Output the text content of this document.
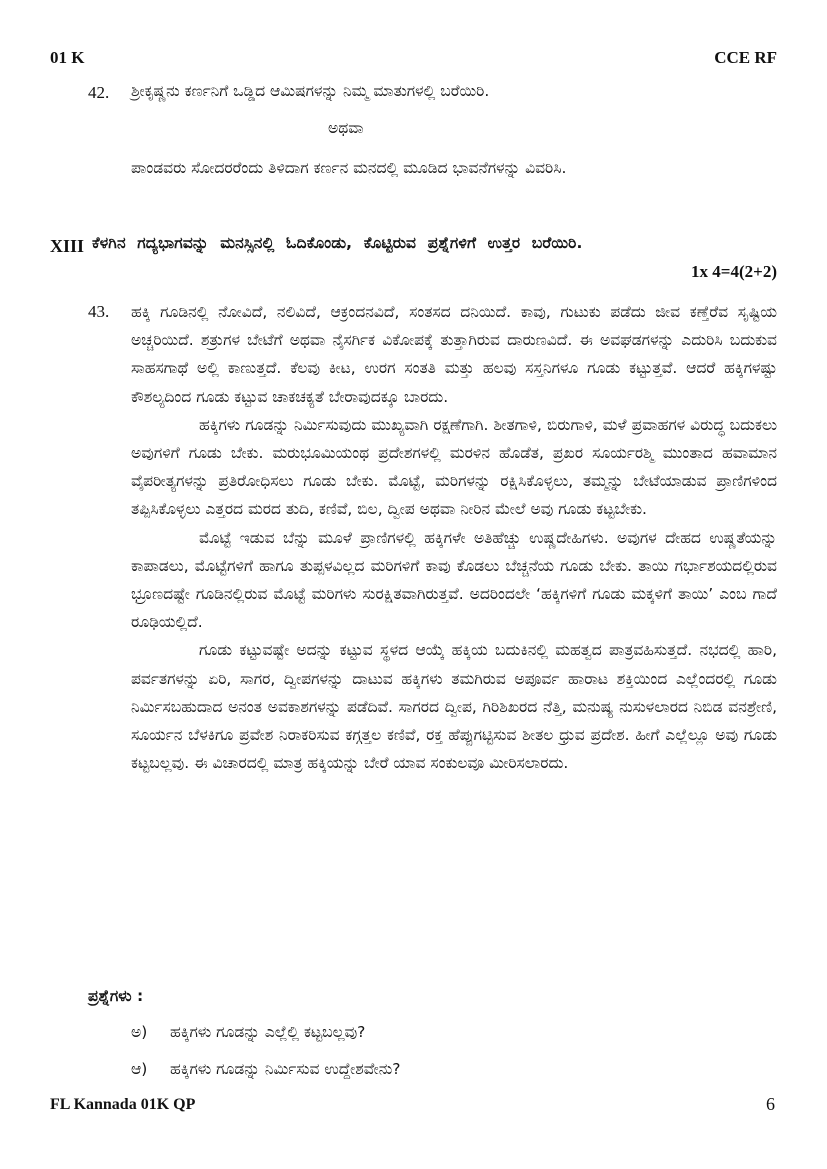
01 K	CCE RF
42. ಶ್ರೀಕೃಷ್ಣನು ಕರ್ಣನಿಗೆ ಒಡ್ಡಿದ ಆಮಿಷಗಳನ್ನು ನಿಮ್ಮ ಮಾತುಗಳಲ್ಲಿ ಬರೆಯಿರಿ.
ಅಥವಾ
ಪಾಂಡವರು ಸೋದರರೆಂದು ತಿಳಿದಾಗ ಕರ್ಣನ ಮನದಲ್ಲಿ ಮೂಡಿದ ಭಾವನೆಗಳನ್ನು ವಿವರಿಸಿ.
XIII ಕೆಳಗಿನ ಗದ್ಯಭಾಗವನ್ನು ಮನಸ್ಸಿನಲ್ಲಿ ಓದಿಕೊಂಡು, ಕೊಟ್ಟಿರುವ ಪ್ರಶ್ನೆಗಳಿಗೆ ಉತ್ತರ ಬರೆಯಿರಿ.
1x 4=4(2+2)
43. ಹಕ್ಕಿ ಗೂಡಿನಲ್ಲಿ ನೋವಿದೆ, ನಲಿವಿದೆ, ಆಕ್ರಂದನವಿದೆ, ಸಂತಸದ ದನಿಯಿದೆ. ಕಾವು, ಗುಟುಕು ಪಡೆದು ಜೀವ ಕಣ್ತೆರೆವ ಸೃಷ್ಟಿಯ ಅಚ್ಚರಿಯಿದೆ. ಶತ್ರುಗಳ ಬೇಟೆಗೆ ಅಥವಾ ನೈಸರ್ಗಿಕ ವಿಕೋಪಕ್ಕೆ ತುತ್ತಾಗಿರುವ ದಾರುಣವಿದೆ. ಈ ಅವಘಡಗಳನ್ನು ಎದುರಿಸಿ ಬದುಕುವ ಸಾಹಸಗಾಥೆ ಅಲ್ಲಿ ಕಾಣುತ್ತದೆ. ಕೆಲವು ಕೀಟ, ಉರಗ ಸಂತತಿ ಮತ್ತು ಹಲವು ಸಸ್ತನಿಗಳೂ ಗೂಡು ಕಟ್ಟುತ್ತವೆ. ಆದರೆ ಹಕ್ಕಿಗಳಷ್ಟು ಕೌಶಲ್ಯದಿಂದ ಗೂಡು ಕಟ್ಟುವ ಚಾಕಚಕ್ಯತೆ ಬೇರಾವುದಕ್ಕೂ ಬಾರದು.

ಹಕ್ಕಿಗಳು ಗೂಡನ್ನು ನಿರ್ಮಿಸುವುದು ಮುಖ್ಯವಾಗಿ ರಕ್ಷಣೆಗಾಗಿ. ಶೀತಗಾಳಿ, ಬಿರುಗಾಳಿ, ಮಳೆ ಪ್ರವಾಹಗಳ ವಿರುದ್ಧ ಬದುಕಲು ಅವುಗಳಿಗೆ ಗೂಡು ಬೇಕು. ಮರುಭೂಮಿಯಂಥ ಪ್ರದೇಶಗಳಲ್ಲಿ ಮರಳಿನ ಹೊಡೆತ, ಪ್ರಖರ ಸೂರ್ಯರಶ್ಮಿ ಮುಂತಾದ ಹವಾಮಾನ ವೈಪರೀತ್ಯಗಳನ್ನು ಪ್ರತಿರೋಧಿಸಲು ಗೂಡು ಬೇಕು. ಮೊಟ್ಟೆ, ಮರಿಗಳನ್ನು ರಕ್ಷಿಸಿಕೊಳ್ಳಲು, ತಮ್ಮನ್ನು ಬೇಟೆಯಾಡುವ ಪ್ರಾಣಿಗಳಿಂದ ತಪ್ಪಿಸಿಕೊಳ್ಳಲು ಎತ್ತರದ ಮರದ ತುದಿ, ಕಣಿವೆ, ಬಿಲ, ದ್ವೀಪ ಅಥವಾ ನೀರಿನ ಮೇಲೆ ಅವು ಗೂಡು ಕಟ್ಟಬೇಕು.

ಮೊಟ್ಟೆ ಇಡುವ ಬೆನ್ನು ಮೂಳೆ ಪ್ರಾಣಿಗಳಲ್ಲಿ ಹಕ್ಕಿಗಳೇ ಅತಿಹೆಚ್ಚು ಉಷ್ಣದೇಹಿಗಳು. ಅವುಗಳ ದೇಹದ ಉಷ್ಣತೆಯನ್ನು ಕಾಪಾಡಲು, ಮೊಟ್ಟೆಗಳಿಗೆ ಹಾಗೂ ತುಪ್ಪಳವಿಲ್ಲದ ಮರಿಗಳಿಗೆ ಕಾವು ಕೊಡಲು ಬೆಚ್ಚನೆಯ ಗೂಡು ಬೇಕು. ತಾಯಿ ಗರ್ಭಾಶಯದಲ್ಲಿರುವ ಭ್ರೂಣದಷ್ಟೇ ಗೂಡಿನಲ್ಲಿರುವ ಮೊಟ್ಟೆ ಮರಿಗಳು ಸುರಕ್ಷಿತವಾಗಿರುತ್ತವೆ. ಅದರಿಂದಲೇ ‘ಹಕ್ಕಿಗಳಿಗೆ ಗೂಡು ಮಕ್ಕಳಿಗೆ ತಾಯಿ’ ಎಂಬ ಗಾದೆ ರೂಢಿಯಲ್ಲಿದೆ.

ಗೂಡು ಕಟ್ಟುವಷ್ಟೇ ಅದನ್ನು ಕಟ್ಟುವ ಸ್ಥಳದ ಆಯ್ಕೆ ಹಕ್ಕಿಯ ಬದುಕಿನಲ್ಲಿ ಮಹತ್ವದ ಪಾತ್ರವಹಿಸುತ್ತದೆ. ನಭದಲ್ಲಿ ಹಾರಿ, ಪರ್ವತಗಳನ್ನು ಏರಿ, ಸಾಗರ, ದ್ವೀಪಗಳನ್ನು ದಾಟುವ ಹಕ್ಕಿಗಳು ತಮಗಿರುವ ಅಪೂರ್ವ ಹಾರಾಟ ಶಕ್ತಿಯಿಂದ ಎಲ್ಲೆಂದರಲ್ಲಿ ಗೂಡು ನಿರ್ಮಿಸಬಹುದಾದ ಅನಂತ ಅವಕಾಶಗಳನ್ನು ಪಡೆದಿವೆ. ಸಾಗರದ ದ್ವೀಪ, ಗಿರಿಶಿಖರದ ನೆತ್ತಿ, ಮನುಷ್ಯ ನುಸುಳಲಾರದ ನಿಬಿಡ ವನಶ್ರೇಣಿ, ಸೂರ್ಯನ ಬೆಳಕಿಗೂ ಪ್ರವೇಶ ನಿರಾಕರಿಸುವ ಕಗ್ಗತ್ತಲ ಕಣಿವೆ, ರಕ್ತ ಹೆಪ್ಪುಗಟ್ಟಿಸುವ ಶೀತಲ ಧ್ರುವ ಪ್ರದೇಶ. ಹೀಗೆ ಎಲ್ಲೆಲ್ಲೂ ಅವು ಗೂಡು ಕಟ್ಟಬಲ್ಲವು. ಈ ವಿಚಾರದಲ್ಲಿ ಮಾತ್ರ ಹಕ್ಕಿಯನ್ನು ಬೇರೆ ಯಾವ ಸಂಕುಲವೂ ಮೀರಿಸಲಾರದು.

ಪ್ರಶ್ನೆಗಳು :
ಅ) ಹಕ್ಕಿಗಳು ಗೂಡನ್ನು ಎಲ್ಲೆಲ್ಲಿ ಕಟ್ಟಬಲ್ಲವು?
ಆ) ಹಕ್ಕಿಗಳು ಗೂಡನ್ನು ನಿರ್ಮಿಸುವ ಉದ್ದೇಶವೇನು?
FL Kannada 01K QP	6
